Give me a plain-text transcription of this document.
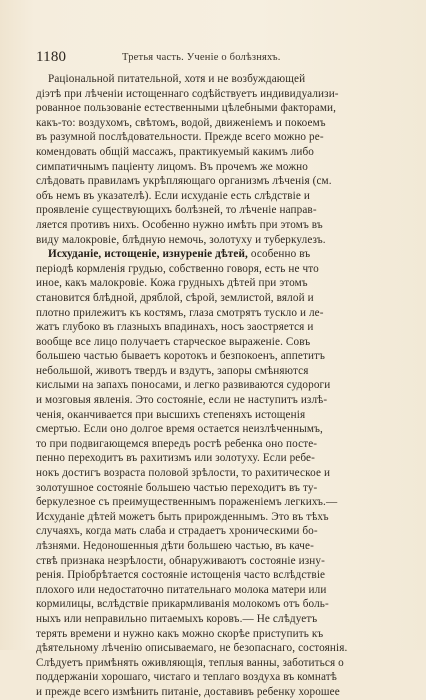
1180	Третья часть. Ученіе о болѣзняхъ.
Раціональной питательной, хотя и не возбуждающей
діэтѣ при лѣченіи истощеннаго содѣйствуетъ индивидуализи-
рованное пользованіе естественными цѣлебными факторами,
какъ-то: воздухомъ, свѣтомъ, водой, движеніемъ и покоемъ
въ разумной послѣдовательности. Прежде всего можно ре-
комендовать общій массажъ, практикуемый какимъ либо
симпатичнымъ паціенту лицомъ. Въ прочемъ же можно
слѣдовать правиламъ укрѣпляющаго организмъ лѣченія (см.
объ немъ въ указателѣ). Если исхуданіе есть слѣдствіе и
проявленіе существующихъ болѣзней, то лѣченіе направ-
ляется противъ нихъ. Особенно нужно имѣть при этомъ въ
виду малокровіе, блѣдную немочь, золотуху и туберкулезъ.
Исхуданіе, истощеніе, изнуреніе дѣтей, особенно въ
періодѣ кормленія грудью, собственно говоря, есть не что
иное, какъ малокровіе. Кожа грудныхъ дѣтей при этомъ
становится блѣдной, дряблой, сѣрой, землистой, вялой и
плотно прилежитъ къ костямъ, глаза смотрятъ тускло и ле-
жатъ глубоко въ глазныхъ впадинахъ, носъ заостряется и
вообще все лицо получаетъ старческое выраженіе. Совъ
большею частью бываетъ коротокъ и безпокоенъ, аппетитъ
небольшой, животъ твердъ и вздутъ, запоры смѣняются
кислыми на запахъ поносами, и легко развиваются судороги
и мозговыя явленія. Это состояніе, если не наступитъ излѣ-
ченія, оканчивается при высшихъ степеняхъ истощенія
смертью. Если оно долгое время остается неизлѣченнымъ,
то при подвигающемся впередъ ростѣ ребенка оно посте-
пенно переходитъ въ рахитизмъ или золотуху. Если ребе-
нокъ достигъ возраста половой зрѣлости, то рахитическое и
золотушное состояніе большею частью переходитъ въ ту-
беркулезное съ преимущественнымъ пораженіемъ легкихъ.—
Исхуданіе дѣтей можетъ быть прирожденнымъ. Это въ тѣхъ
случаяхъ, когда мать слаба и страдаетъ хроническими бо-
лѣзнями. Недоношенныя дѣти большею частью, въ каче-
ствѣ признака незрѣлости, обнаруживаютъ состояніе изну-
ренія. Пріобрѣтается состояніе истощенія часто вслѣдствіе
плохого или недостаточно питательнаго молока матери или
кормилицы, вслѣдствіе прикармливанія молокомъ отъ боль-
ныхъ или неправильно питаемыхъ коровъ.— Не слѣдуетъ
терять времени и нужно какъ можно скорѣе приступить къ
дѣятельному лѣченію описываемаго, не безопаснаго, состоянія.
Слѣдуетъ примѣнять оживляющія, теплыя ванны, заботиться о
поддержаніи хорошаго, чистаго и теплаго воздуха въ комнатѣ
и прежде всего измѣнить питаніе, доставивъ ребенку хорошее
